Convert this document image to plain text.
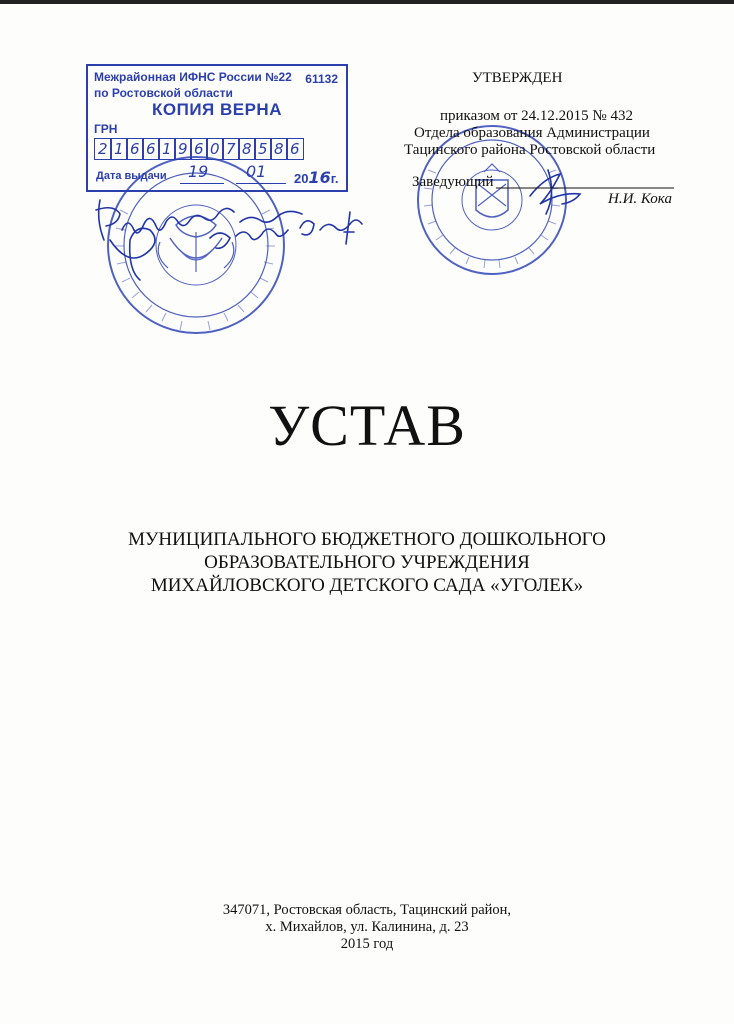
Межрайонная ИФНС России №22 61132
по Ростовской области
КОПИЯ ВЕРНА
ГРН
2 1 6 6 1 9 6 0 7 8 5 8 6
Дата выдачи 19 01 2016г.
УТВЕРЖДЕН
приказом от 24.12.2015 № 432
Отдела образования Администрации
Тацинского района Ростовской области
Заведующий
Н.И. Кока
УСТАВ
МУНИЦИПАЛЬНОГО БЮДЖЕТНОГО ДОШКОЛЬНОГО
ОБРАЗОВАТЕЛЬНОГО УЧРЕЖДЕНИЯ
МИХАЙЛОВСКОГО ДЕТСКОГО САДА «УГОЛЕК»
347071, Ростовская область, Тацинский район,
х. Михайлов, ул. Калинина, д. 23
2015 год
